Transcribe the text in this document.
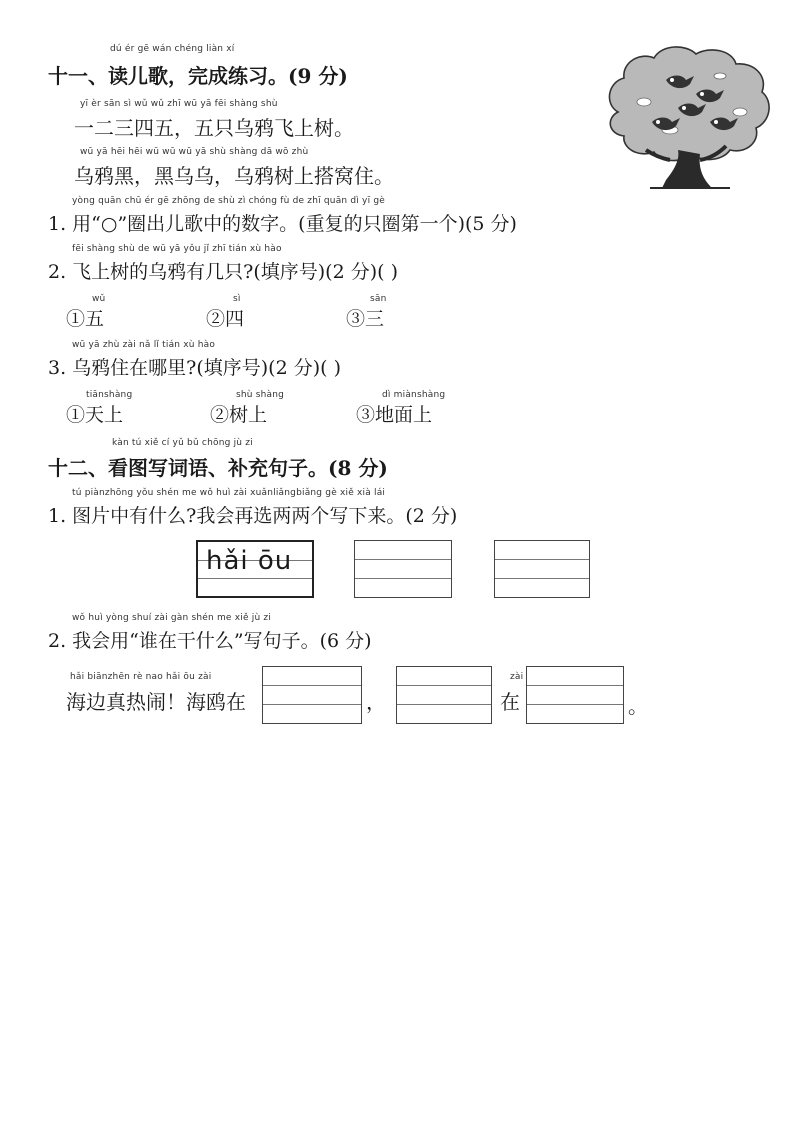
dú ér gē wán chéng liàn xí
十一、读儿歌，完成练习。(9 分)
yī èr sān sì wǔ wǔ zhī wū yā fēi shàng shù
一二三四五，五只乌鸦飞上树。
wū yā hēi hēi wū wū wū yā shù shàng dā wō zhù
乌鸦黑，黑乌乌，乌鸦树上搭窝住。
yòng quān chū ér gē zhōng de shù zì chóng fù de zhī quān dì yī gè
1. 用“○”圈出儿歌中的数字。(重复的只圈第一个)(5 分)
fēi shàng shù de wū yā yǒu jǐ zhī tián xù hào
2. 飞上树的乌鸦有几只?(填序号)(2 分)( )
wǔ
①五
sì
②四
sān
③三
wū yā zhù zài nǎ lǐ tián xù hào
3. 乌鸦住在哪里?(填序号)(2 分)( )
tiānshàng
①天上
shù shàng
②树上
dì miànshàng
③地面上
kàn tú xiě cí yǔ bǔ chōng jù zi
十二、看图写词语、补充句子。(8 分)
tú piànzhōng yǒu shén me wǒ huì zài xuǎnliǎngbiǎng gè xiě xià lái
1. 图片中有什么?我会再选两两个写下来。(2 分)
hǎi ōu
wǒ huì yòng shuí zài gàn shén me xiě jù zi
2. 我会用“谁在干什么”写句子。(6 分)
hǎi biānzhēn rè nao hǎi ōu zài
海边真热闹！海鸥在	，
zài
在	。
